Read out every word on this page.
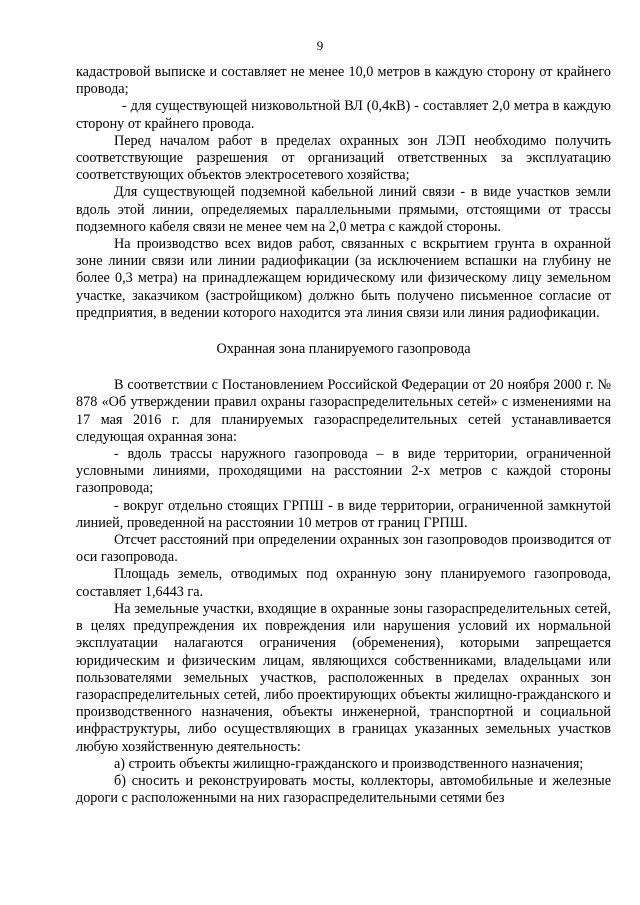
9

кадастровой выписке и составляет не менее 10,0 метров в каждую сторону от крайнего провода;

- для существующей низковольтной ВЛ (0,4кВ) - составляет 2,0 метра в каждую сторону от крайнего провода.

Перед началом работ в пределах охранных зон ЛЭП необходимо получить соответствующие разрешения от организаций ответственных за эксплуатацию соответствующих объектов электросетевого хозяйства;

Для существующей подземной кабельной линий связи - в виде участков земли вдоль этой линии, определяемых параллельными прямыми, отстоящими от трассы подземного кабеля связи не менее чем на 2,0 метра с каждой стороны.

На производство всех видов работ, связанных с вскрытием грунта в охранной зоне линии связи или линии радиофикации (за исключением вспашки на глубину не более 0,3 метра) на принадлежащем юридическому или физическому лицу земельном участке, заказчиком (застройщиком) должно быть получено письменное согласие от предприятия, в ведении которого находится эта линия связи или линия радиофикации.

Охранная зона планируемого газопровода

В соответствии с Постановлением Российской Федерации от 20 ноября 2000 г. № 878 «Об утверждении правил охраны газораспределительных сетей» с изменениями на 17 мая 2016 г. для планируемых газораспределительных сетей устанавливается следующая охранная зона:

- вдоль трассы наружного газопровода – в виде территории, ограниченной условными линиями, проходящими на расстоянии 2-х метров с каждой стороны газопровода;

- вокруг отдельно стоящих ГРПШ - в виде территории, ограниченной замкнутой линией, проведенной на расстоянии 10 метров от границ ГРПШ.

Отсчет расстояний при определении охранных зон газопроводов производится от оси газопровода.

Площадь земель, отводимых под охранную зону планируемого газопровода, составляет 1,6443 га.

На земельные участки, входящие в охранные зоны газораспределительных сетей, в целях предупреждения их повреждения или нарушения условий их нормальной эксплуатации налагаются ограничения (обременения), которыми запрещается юридическим и физическим лицам, являющихся собственниками, владельцами или пользователями земельных участков, расположенных в пределах охранных зон газораспределительных сетей, либо проектирующих объекты жилищно-гражданского и производственного назначения, объекты инженерной, транспортной и социальной инфраструктуры, либо осуществляющих в границах указанных земельных участков любую хозяйственную деятельность:

а) строить объекты жилищно-гражданского и производственного назначения;

б) сносить и реконструировать мосты, коллекторы, автомобильные и железные дороги с расположенными на них газораспределительными сетями без
